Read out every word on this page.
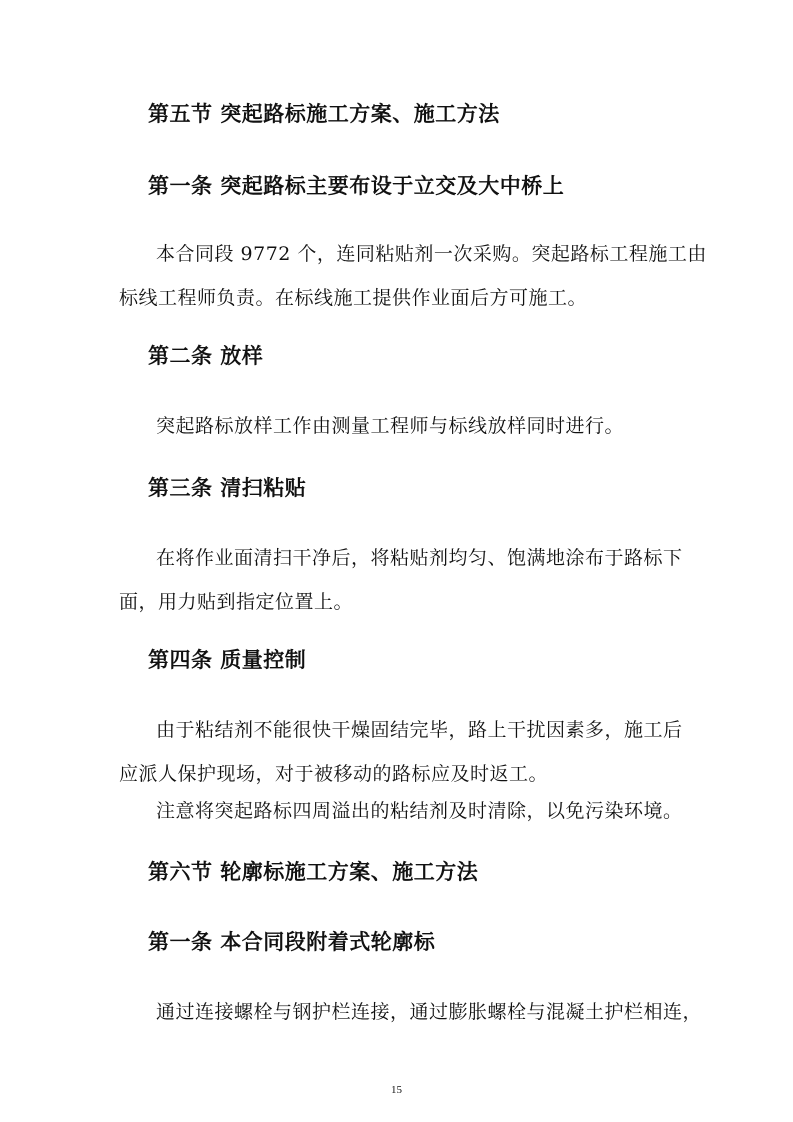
第五节 突起路标施工方案、施工方法
第一条 突起路标主要布设于立交及大中桥上

本合同段 9772 个，连同粘贴剂一次采购。突起路标工程施工由

标线工程师负责。在标线施工提供作业面后方可施工。

第二条 放样

突起路标放样工作由测量工程师与标线放样同时进行。

第三条 清扫粘贴

在将作业面清扫干净后，将粘贴剂均匀、饱满地涂布于路标下

面，用力贴到指定位置上。

第四条 质量控制

由于粘结剂不能很快干燥固结完毕，路上干扰因素多，施工后

应派人保护现场，对于被移动的路标应及时返工。

注意将突起路标四周溢出的粘结剂及时清除，以免污染环境。

第六节 轮廓标施工方案、施工方法
第一条 本合同段附着式轮廓标

通过连接螺栓与钢护栏连接，通过膨胀螺栓与混凝土护栏相连，

15
